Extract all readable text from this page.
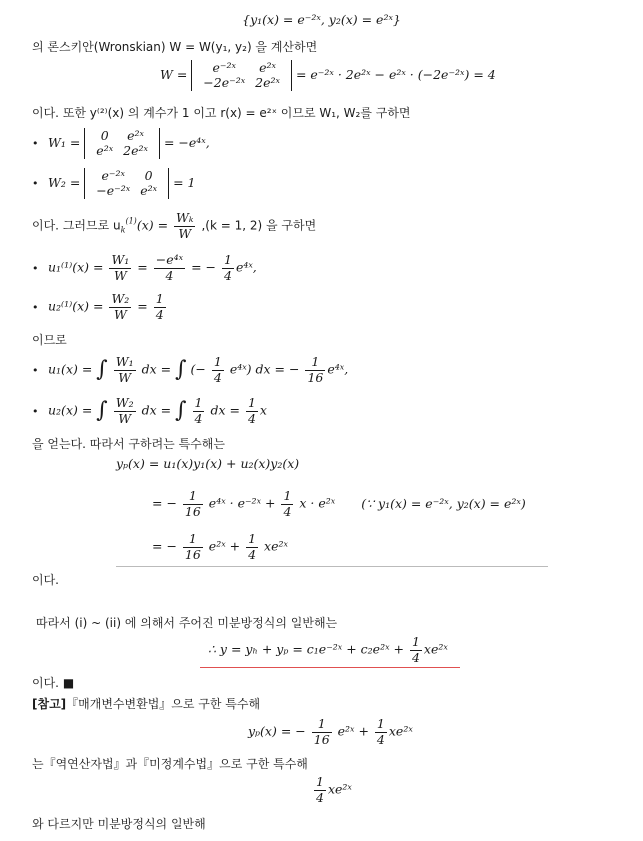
{y₁(x) = e⁻²ˣ, y₂(x) = e²ˣ}
의 론스키안(Wronskian) W = W(y₁, y₂) 을 계산하면
W = e⁻²ˣ	e²ˣ
−2e⁻²ˣ	2e²ˣ = e⁻²ˣ · 2e²ˣ − e²ˣ · (−2e⁻²ˣ) = 4
이다. 또한 y⁽²⁾(x) 의 계수가 1 이고 r(x) = e²ˣ 이므로 W₁, W₂를 구하면
• W₁ = 0	e²ˣ
e²ˣ	2e²ˣ = −e⁴ˣ,
• W₂ = e⁻²ˣ	0
−e⁻²ˣ	e²ˣ = 1
이다. 그러므로 $u_k^{(1)}(x) = \frac{\text{Wₖ}}{W} ,(k = 1$, 2) 을 구하면
• $u_1^{(1)}(x) = \frac{\text{W₁}}{W} = \frac{\text{−e⁴ˣ}}{4}$ = − $\frac{1}{4}$ e⁴ˣ,
• $u_2^{(1)}(x) = \frac{\text{W₂}}{W} = \frac{1}{4}$
이므로
• u₁(x) = ∫ $\frac{\text{W₁}}{W}$ dx = ∫ (− $\frac{1}{4}$ e⁴ˣ) dx = − $\frac{1}{16}$ e⁴ˣ,
• u₂(x) = ∫ $\frac{\text{W₂}}{W}$ dx = ∫ $\frac{1}{4}$ dx = $\frac{1}{4}$ x
을 얻는다. 따라서 구하려는 특수해는
yₚ(x) = u₁(x)y₁(x) + u₂(x)y₂(x)
= − $\frac{1}{16}$ e⁴ˣ · e⁻²ˣ + $\frac{1}{4}$ x · e²ˣ (∵ y₁(x) = e⁻²ˣ, y₂(x) = e²ˣ)
= − $\frac{1}{16}$ e²ˣ + $\frac{1}{4}$ xe²ˣ
이다.
따라서 (i) ~ (ii) 에 의해서 주어진 미분방정식의 일반해는
∴ y = yₕ + yₚ = c₁e⁻²ˣ + c₂e²ˣ + $\frac{1}{4}$ xe²ˣ
이다. ■
[참고]『매개변수변환법』으로 구한 특수해
yₚ(x) = − $\frac{1}{16}$ e²ˣ + $\frac{1}{4}$ xe²ˣ
는『역연산자법』과『미정계수법』으로 구한 특수해
$\frac{1}{4}$ xe²ˣ
와 다르지만 미분방정식의 일반해
